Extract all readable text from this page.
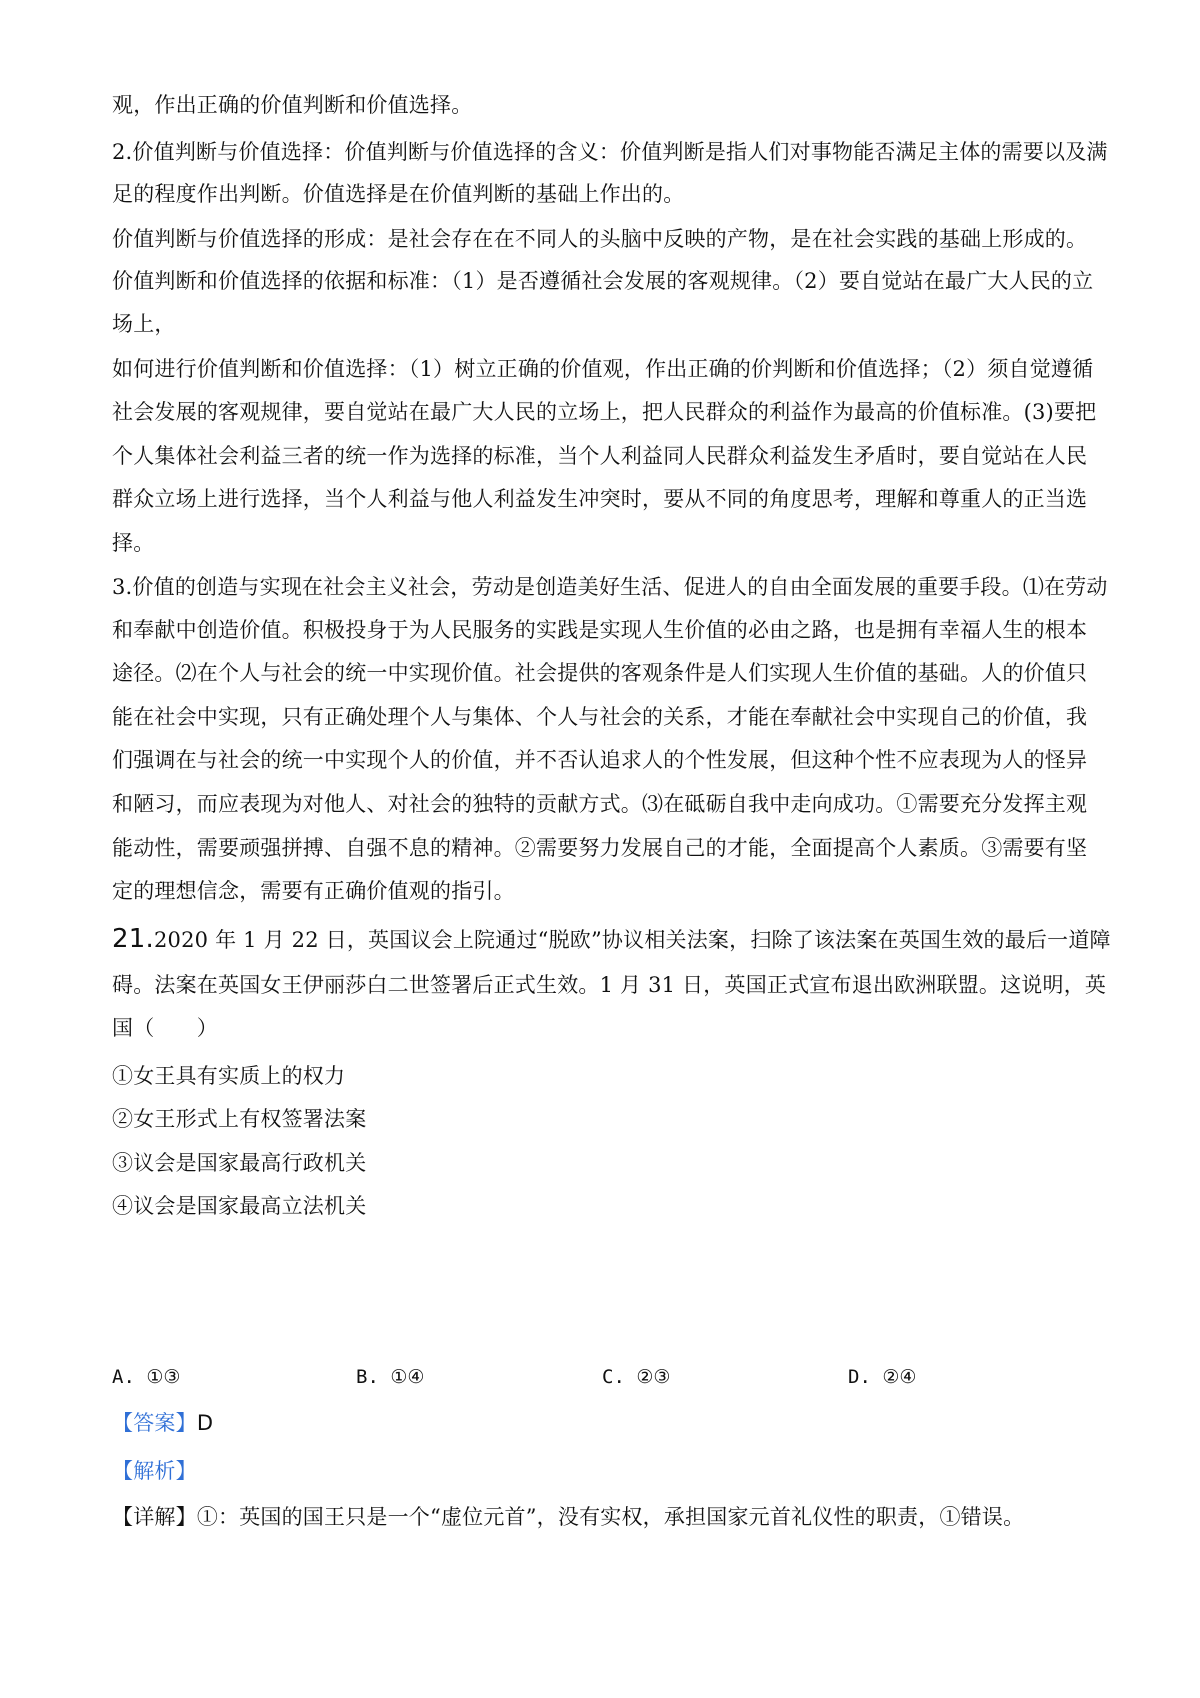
观，作出正确的价值判断和价值选择。
2.价值判断与价值选择：价值判断与价值选择的含义：价值判断是指人们对事物能否满足主体的需要以及满
足的程度作出判断。价值选择是在价值判断的基础上作出的。
价值判断与价值选择的形成：是社会存在在不同人的头脑中反映的产物，是在社会实践的基础上形成的。
价值判断和价值选择的依据和标准：（1）是否遵循社会发展的客观规律。（2）要自觉站在最广大人民的立
场上，
如何进行价值判断和价值选择：（1）树立正确的价值观，作出正确的价判断和价值选择；（2）须自觉遵循
社会发展的客观规律，要自觉站在最广大人民的立场上，把人民群众的利益作为最高的价值标准。(3)要把
个人集体社会利益三者的统一作为选择的标准，当个人利益同人民群众利益发生矛盾时，要自觉站在人民
群众立场上进行选择，当个人利益与他人利益发生冲突时，要从不同的角度思考，理解和尊重人的正当选
择。
3.价值的创造与实现在社会主义社会，劳动是创造美好生活、促进人的自由全面发展的重要手段。⑴在劳动
和奉献中创造价值。积极投身于为人民服务的实践是实现人生价值的必由之路，也是拥有幸福人生的根本
途径。⑵在个人与社会的统一中实现价值。社会提供的客观条件是人们实现人生价值的基础。人的价值只
能在社会中实现，只有正确处理个人与集体、个人与社会的关系，才能在奉献社会中实现自己的价值，我
们强调在与社会的统一中实现个人的价值，并不否认追求人的个性发展，但这种个性不应表现为人的怪异
和陋习，而应表现为对他人、对社会的独特的贡献方式。⑶在砥砺自我中走向成功。①需要充分发挥主观
能动性，需要顽强拼搏、自强不息的精神。②需要努力发展自己的才能，全面提高个人素质。③需要有坚
定的理想信念，需要有正确价值观的指引。
21.2020 年 1 月 22 日，英国议会上院通过“脱欧”协议相关法案，扫除了该法案在英国生效的最后一道障
碍。法案在英国女王伊丽莎白二世签署后正式生效。1 月 31 日，英国正式宣布退出欧洲联盟。这说明，英
国（　　）
①女王具有实质上的权力
②女王形式上有权签署法案
③议会是国家最高行政机关
④议会是国家最高立法机关
A. ①③	B. ①④	C. ②③	D. ②④
【答案】D
【解析】
【详解】①：英国的国王只是一个“虚位元首”，没有实权，承担国家元首礼仪性的职责，①错误。
